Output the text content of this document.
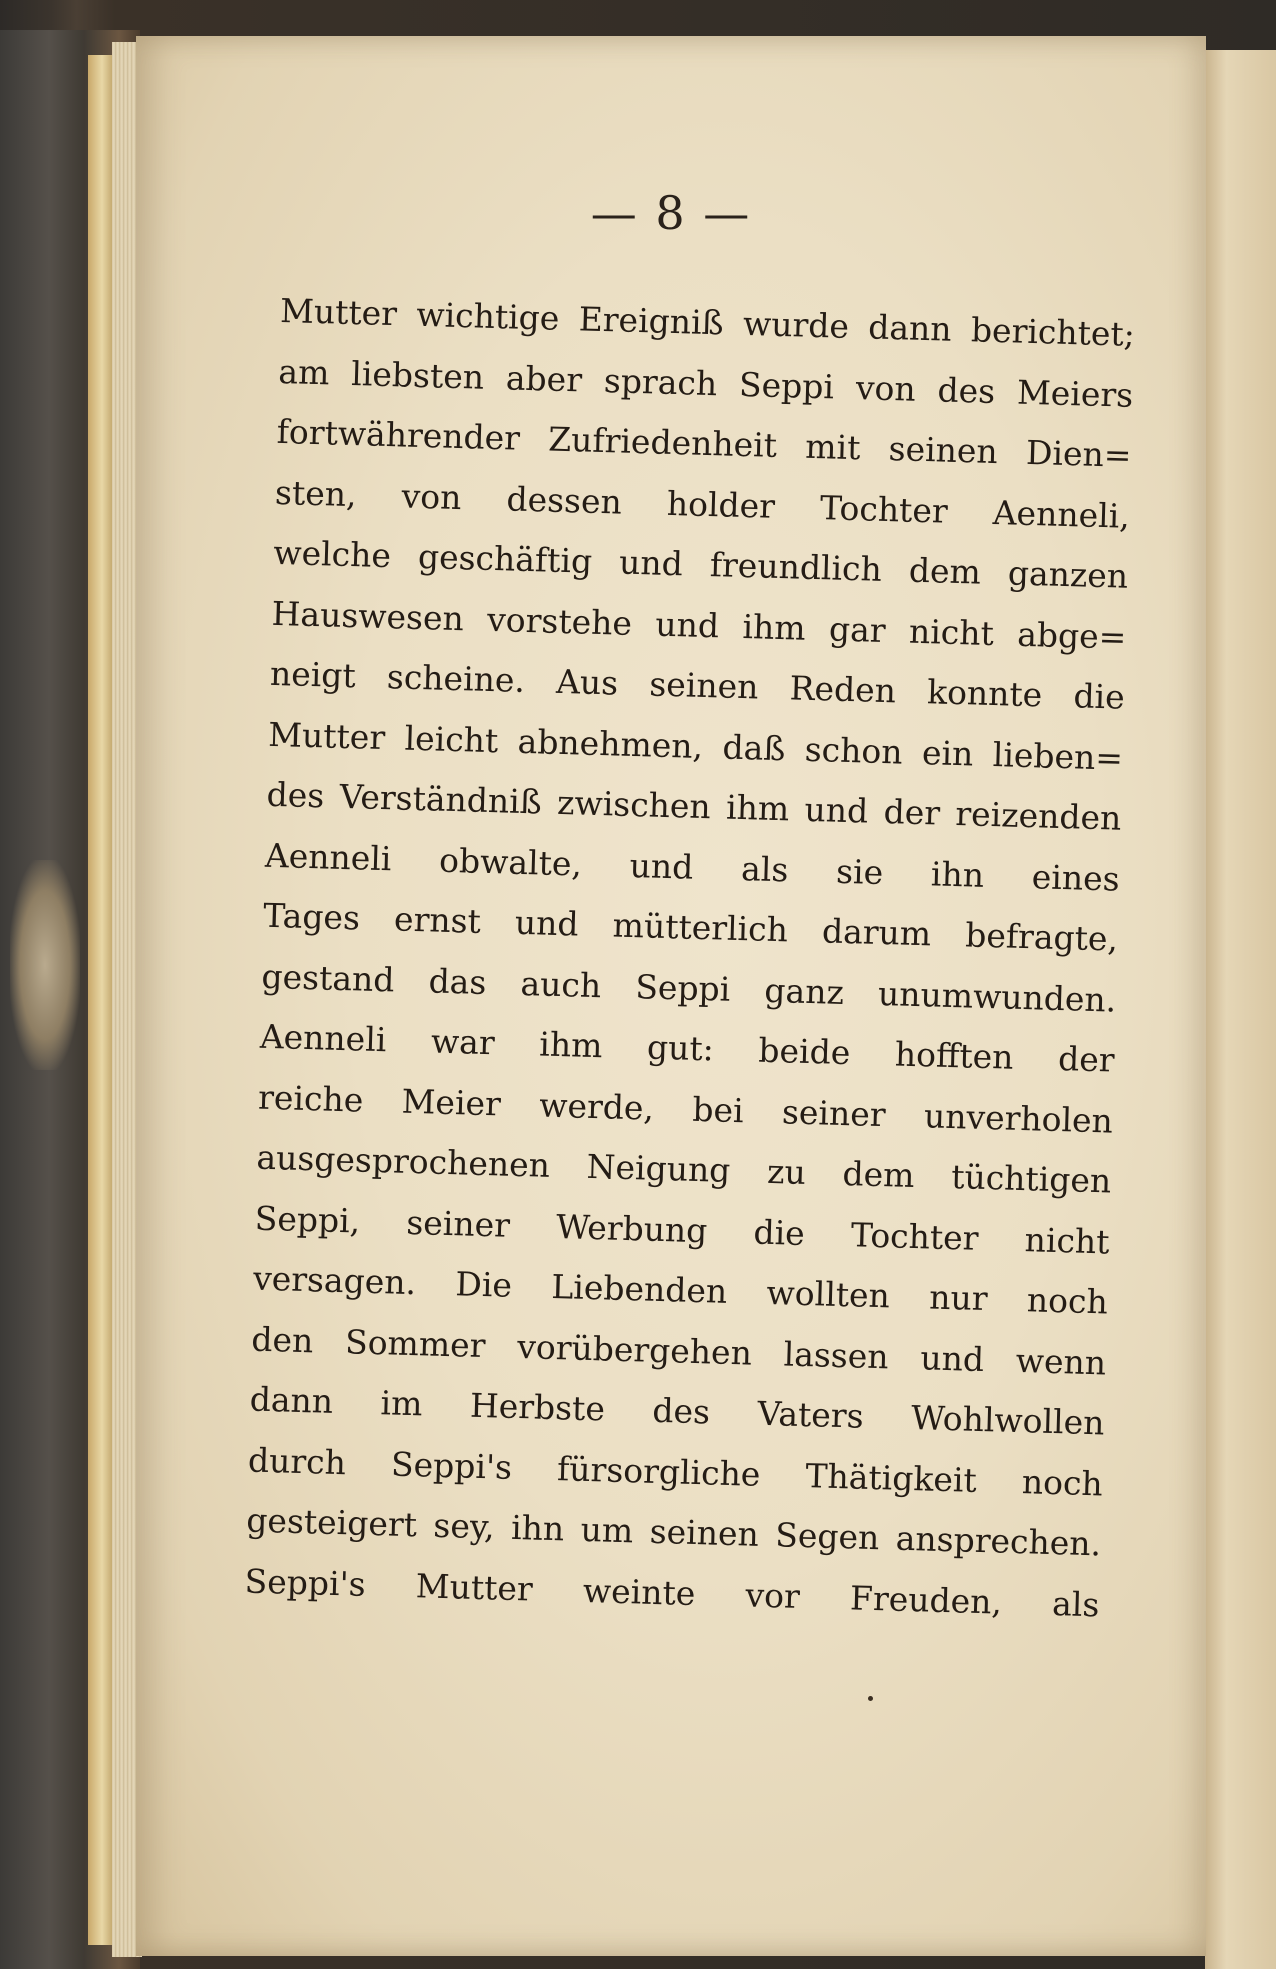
— 8 —
Mutter wichtige Ereigniß wurde dann berichtet;
am liebsten aber sprach Seppi von des Meiers
fortwährender Zufriedenheit mit seinen Dien=
sten, von dessen holder Tochter Aenneli,
welche geschäftig und freundlich dem ganzen
Hauswesen vorstehe und ihm gar nicht abge=
neigt scheine. Aus seinen Reden konnte die
Mutter leicht abnehmen, daß schon ein lieben=
des Verständniß zwischen ihm und der reizenden
Aenneli obwalte, und als sie ihn eines
Tages ernst und mütterlich darum befragte,
gestand das auch Seppi ganz unumwunden.
Aenneli war ihm gut: beide hofften der
reiche Meier werde, bei seiner unverholen
ausgesprochenen Neigung zu dem tüchtigen
Seppi, seiner Werbung die Tochter nicht
versagen. Die Liebenden wollten nur noch
den Sommer vorübergehen lassen und wenn
dann im Herbste des Vaters Wohlwollen
durch Seppi's fürsorgliche Thätigkeit noch
gesteigert sey, ihn um seinen Segen ansprechen.
Seppi's Mutter weinte vor Freuden, als
